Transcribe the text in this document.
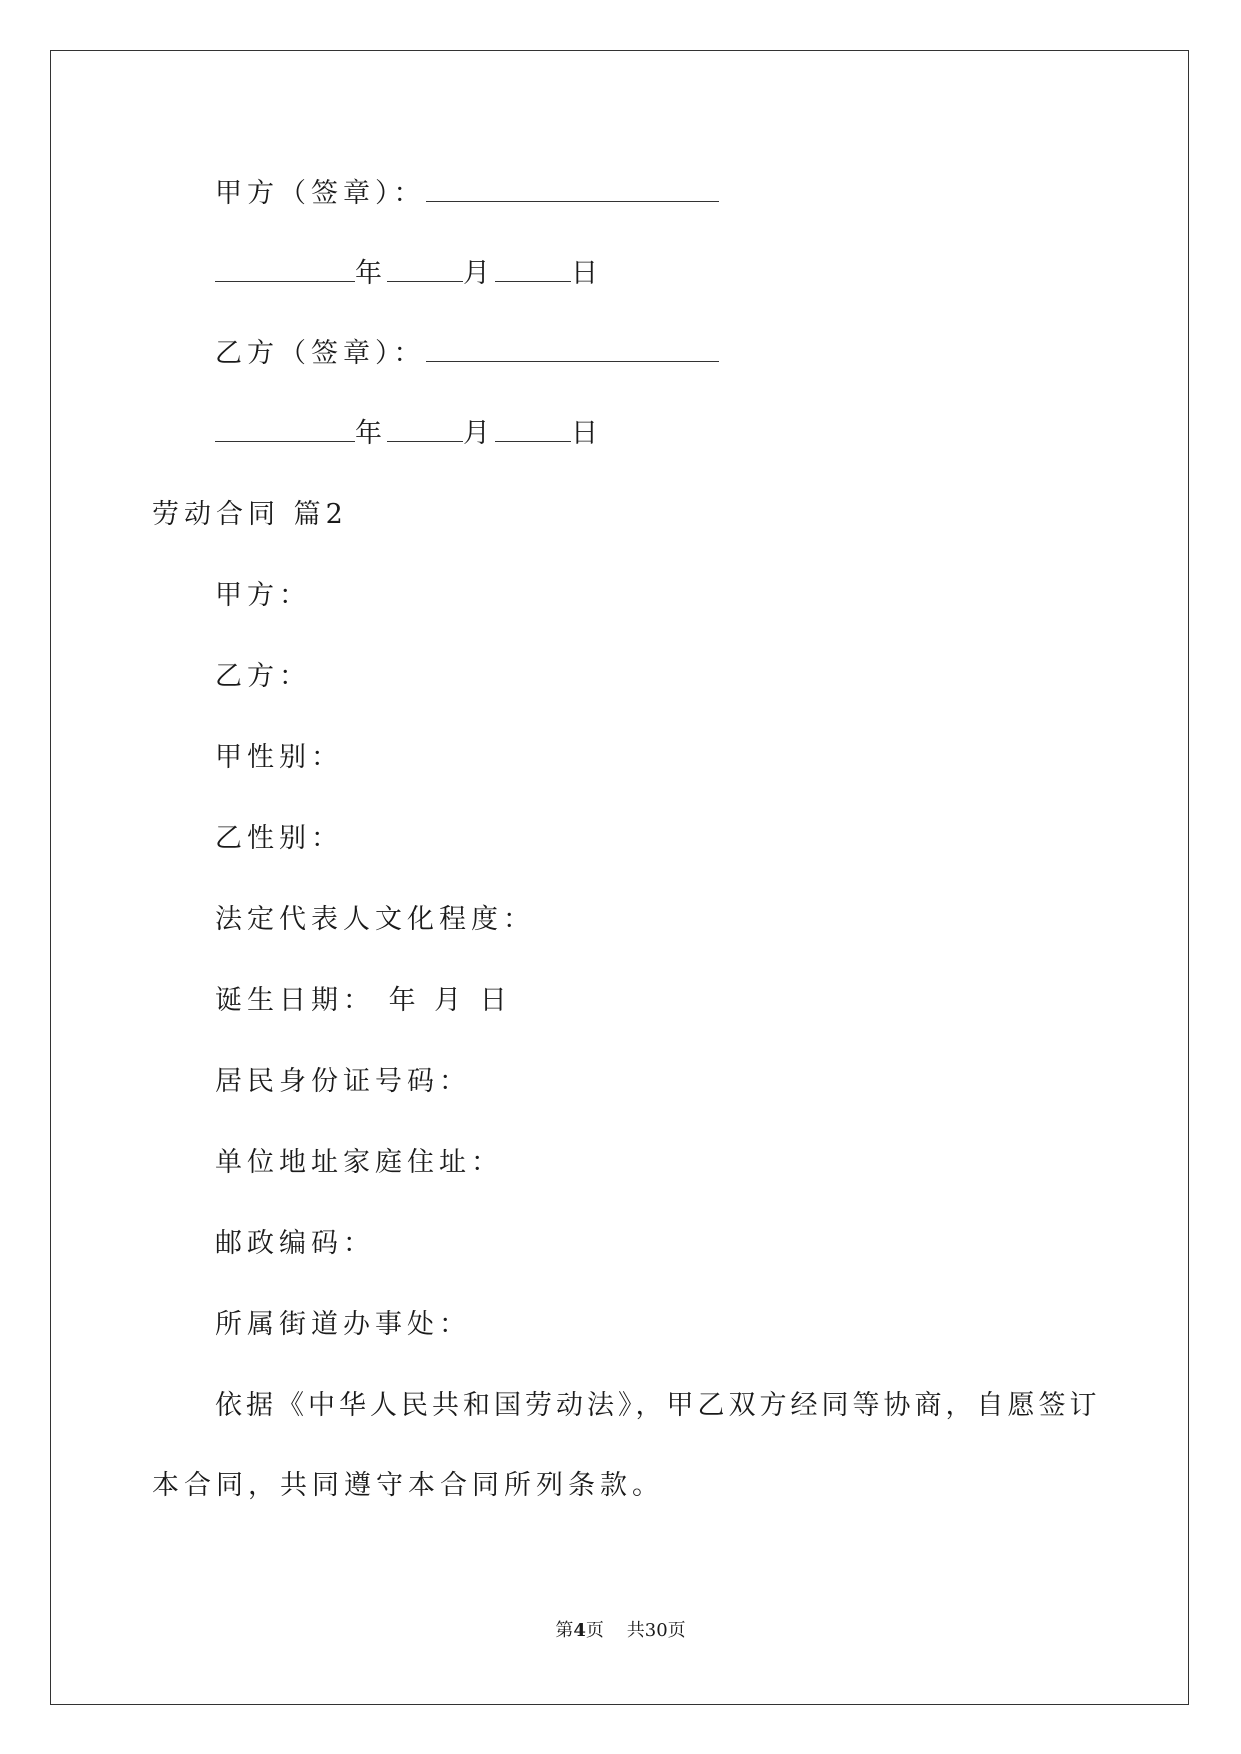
甲方（签章）：
年	月	日
乙方（签章）：
年	月	日
劳动合同 篇2
甲方：
乙方：
甲性别：
乙性别：
法定代表人文化程度：
诞生日期： 年 月 日
居民身份证号码：
单位地址家庭住址：
邮政编码：
所属街道办事处：
依据《中华人民共和国劳动法》，甲乙双方经同等协商，自愿签订
本合同，共同遵守本合同所列条款。
第4页 共30页
